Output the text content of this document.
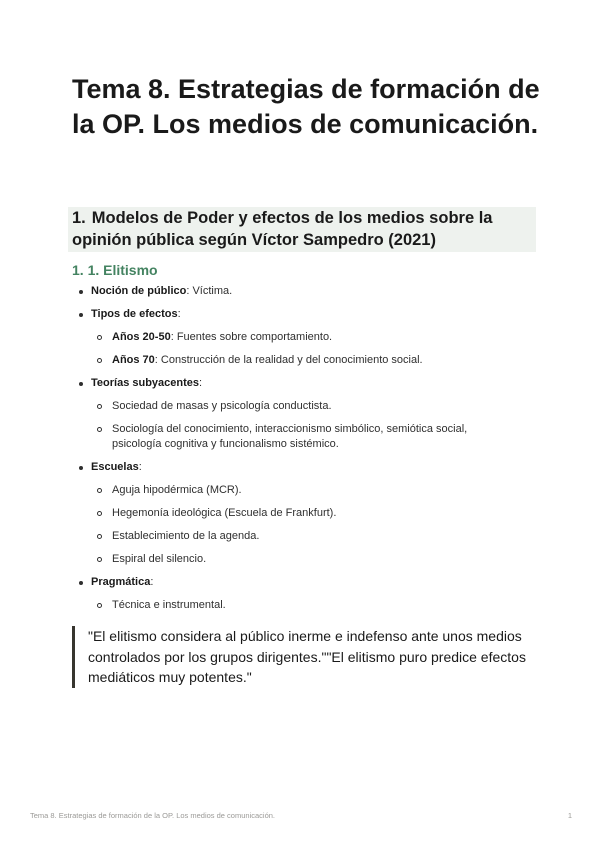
Tema 8. Estrategias de formación de la OP. Los medios de comunicación.
1. Modelos de Poder y efectos de los medios sobre la opinión pública según Víctor Sampedro (2021)
1. 1. Elitismo
Noción de público: Víctima.
Tipos de efectos:
Años 20-50: Fuentes sobre comportamiento.
Años 70: Construcción de la realidad y del conocimiento social.
Teorías subyacentes:
Sociedad de masas y psicología conductista.
Sociología del conocimiento, interaccionismo simbólico, semiótica social, psicología cognitiva y funcionalismo sistémico.
Escuelas:
Aguja hipodérmica (MCR).
Hegemonía ideológica (Escuela de Frankfurt).
Establecimiento de la agenda.
Espiral del silencio.
Pragmática:
Técnica e instrumental.
"El elitismo considera al público inerme e indefenso ante unos medios controlados por los grupos dirigentes.""El elitismo puro predice efectos mediáticos muy potentes."
Tema 8. Estrategias de formación de la OP. Los medios de comunicación.	1
